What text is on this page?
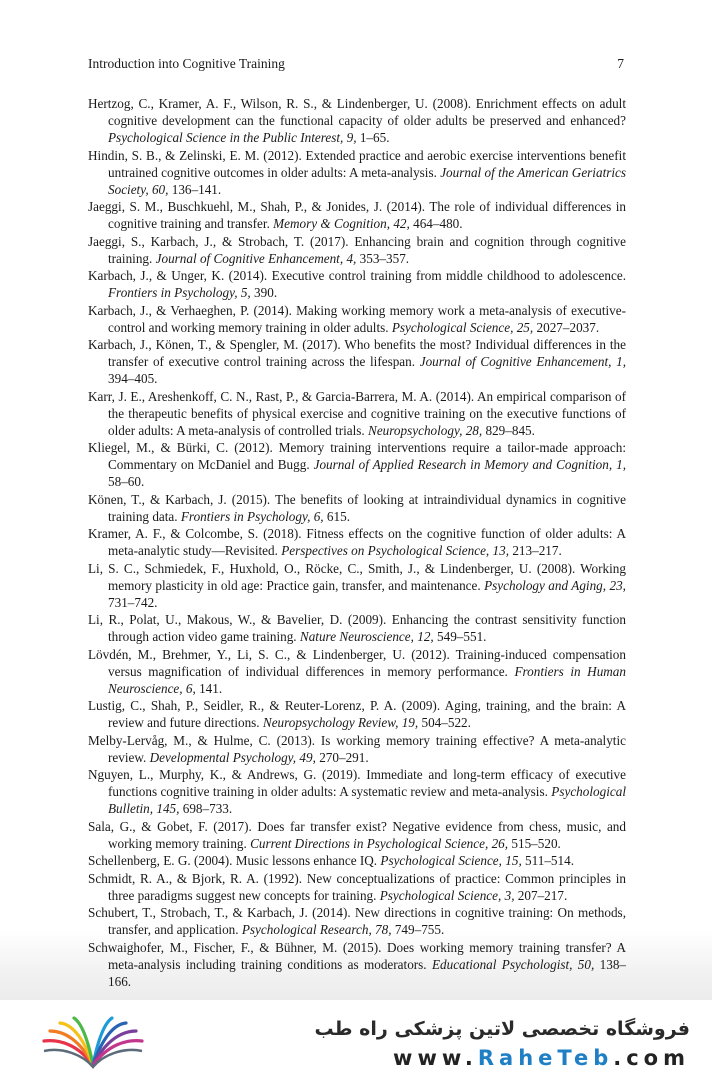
Introduction into Cognitive Training	7

Hertzog, C., Kramer, A. F., Wilson, R. S., & Lindenberger, U. (2008). Enrichment effects on adult cognitive development can the functional capacity of older adults be preserved and enhanced? Psychological Science in the Public Interest, 9, 1–65.

Hindin, S. B., & Zelinski, E. M. (2012). Extended practice and aerobic exercise interventions benefit untrained cognitive outcomes in older adults: A meta-analysis. Journal of the American Geriatrics Society, 60, 136–141.

Jaeggi, S. M., Buschkuehl, M., Shah, P., & Jonides, J. (2014). The role of individual differences in cognitive training and transfer. Memory & Cognition, 42, 464–480.

Jaeggi, S., Karbach, J., & Strobach, T. (2017). Enhancing brain and cognition through cognitive training. Journal of Cognitive Enhancement, 4, 353–357.

Karbach, J., & Unger, K. (2014). Executive control training from middle childhood to adolescence. Frontiers in Psychology, 5, 390.

Karbach, J., & Verhaeghen, P. (2014). Making working memory work a meta-analysis of executive-control and working memory training in older adults. Psychological Science, 25, 2027–2037.

Karbach, J., Könen, T., & Spengler, M. (2017). Who benefits the most? Individual differences in the transfer of executive control training across the lifespan. Journal of Cognitive Enhancement, 1, 394–405.

Karr, J. E., Areshenkoff, C. N., Rast, P., & Garcia-Barrera, M. A. (2014). An empirical comparison of the therapeutic benefits of physical exercise and cognitive training on the executive functions of older adults: A meta-analysis of controlled trials. Neuropsychology, 28, 829–845.

Kliegel, M., & Bürki, C. (2012). Memory training interventions require a tailor-made approach: Commentary on McDaniel and Bugg. Journal of Applied Research in Memory and Cognition, 1, 58–60.

Könen, T., & Karbach, J. (2015). The benefits of looking at intraindividual dynamics in cognitive training data. Frontiers in Psychology, 6, 615.

Kramer, A. F., & Colcombe, S. (2018). Fitness effects on the cognitive function of older adults: A meta-analytic study—Revisited. Perspectives on Psychological Science, 13, 213–217.

Li, S. C., Schmiedek, F., Huxhold, O., Röcke, C., Smith, J., & Lindenberger, U. (2008). Working memory plasticity in old age: Practice gain, transfer, and maintenance. Psychology and Aging, 23, 731–742.

Li, R., Polat, U., Makous, W., & Bavelier, D. (2009). Enhancing the contrast sensitivity function through action video game training. Nature Neuroscience, 12, 549–551.

Lövdén, M., Brehmer, Y., Li, S. C., & Lindenberger, U. (2012). Training-induced compensation versus magnification of individual differences in memory performance. Frontiers in Human Neuroscience, 6, 141.

Lustig, C., Shah, P., Seidler, R., & Reuter-Lorenz, P. A. (2009). Aging, training, and the brain: A review and future directions. Neuropsychology Review, 19, 504–522.

Melby-Lervåg, M., & Hulme, C. (2013). Is working memory training effective? A meta-analytic review. Developmental Psychology, 49, 270–291.

Nguyen, L., Murphy, K., & Andrews, G. (2019). Immediate and long-term efficacy of executive functions cognitive training in older adults: A systematic review and meta-analysis. Psychological Bulletin, 145, 698–733.

Sala, G., & Gobet, F. (2017). Does far transfer exist? Negative evidence from chess, music, and working memory training. Current Directions in Psychological Science, 26, 515–520.

Schellenberg, E. G. (2004). Music lessons enhance IQ. Psychological Science, 15, 511–514.

Schmidt, R. A., & Bjork, R. A. (1992). New conceptualizations of practice: Common principles in three paradigms suggest new concepts for training. Psychological Science, 3, 207–217.

Schubert, T., Strobach, T., & Karbach, J. (2014). New directions in cognitive training: On methods, transfer, and application. Psychological Research, 78, 749–755.

Schwaighofer, M., Fischer, F., & Bühner, M. (2015). Does working memory training transfer? A meta-analysis including training conditions as moderators. Educational Psychologist, 50, 138–166.

فروشگاه تخصصی لاتین پزشکی راه طب
www.RaheTeb.com
